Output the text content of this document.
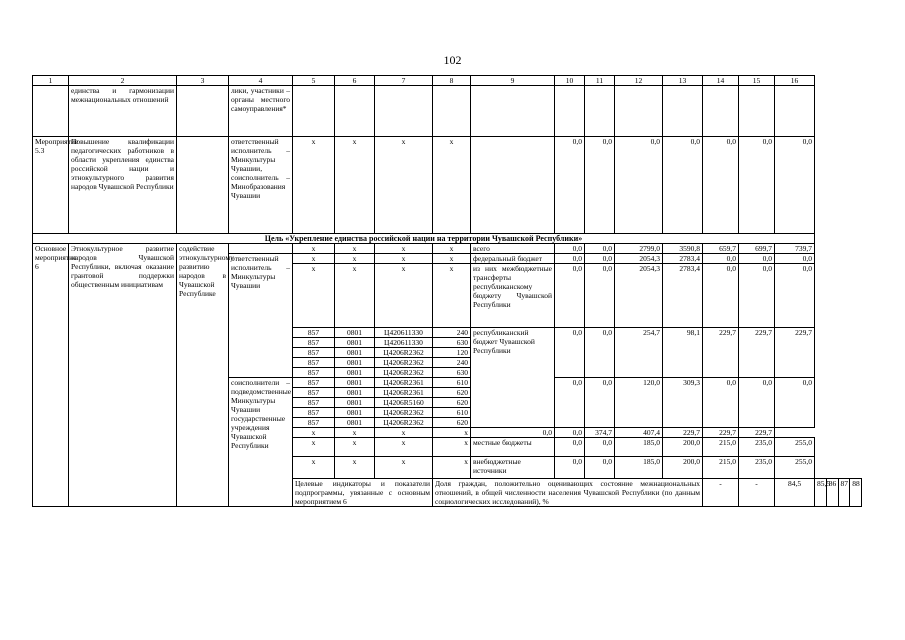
102
1	2	3	4	5	6	7	8	9	10	11	12	13	14	15	16				
	единства и гармонизации межнациональных отношений		лики, участники – органы местного самоуправления*																
Мероприятие 5.3	Повышение квалификации педагогических работников в области укрепления единства российской нации и этнокультурного развития народов Чувашской Республики		ответственный исполнитель – Минкультуры Чувашии, соисполнитель – Минобразования Чувашии	x	x	x	x		0,0	0,0	0,0	0,0	0,0	0,0	0,0				
Цель «Укрепление единства российской нации на территории Чувашской Республики»																			
Основное мероприятие 6	Этнокультурное развитие народов Чувашской Республики, включая оказание грантовой поддержки общественным инициативам	содействие этнокультурному развитию народов в Чувашской Республике		x	x	x	x	всего	0,0	0,0	2799,0	3590,8	659,7	699,7	739,7				
			ответственный исполнитель – Минкультуры Чувашии	x	x	x	x	федеральный бюджет	0,0	0,0	2054,3	2783,4	0,0	0,0	0,0				
				x	x	x	x	из них межбюджетные трансферты республиканскому бюджету Чувашской Республики	0,0	0,0	2054,3	2783,4	0,0	0,0	0,0				
				857	0801	Ц420611330	240	республиканский бюджет Чувашской Республики	0,0	0,0	254,7	98,1	229,7	229,7	229,7				
				857	0801	Ц420611330	630												
				857	0801	Ц4206R2362	120												
				857	0801	Ц4206R2362	240												
				857	0801	Ц4206R2362	630												
			соисполнители – подведомственные Минкультуры Чувашии государственные учреждения Чувашской Республики	857	0801	Ц4206R2361	610		0,0	0,0	120,0	309,3	0,0	0,0	0,0				
				857	0801	Ц4206R2361	620												
				857	0801	Ц4206R5160	620												
				857	0801	Ц4206R2362	610												
				857	0801	Ц4206R2362	620												
				x	x	x	x	0,0	0,0	374,7	407,4	229,7	229,7	229,7					
				x	x	x	x	местные бюджеты	0,0	0,0	185,0	200,0	215,0	235,0	255,0				
				x	x	x	x	внебюджетные источники	0,0	0,0	185,0	200,0	215,0	235,0	255,0				
				Целевые индикаторы и показатели подпрограммы, увязанные с основным мероприятием 6			Доля граждан, положительно оценивающих состояние межнациональных отношений, в общей численности населения Чувашской Республики (по данным социологических исследований), %						-	-	84,5	85,5	86	87	88
